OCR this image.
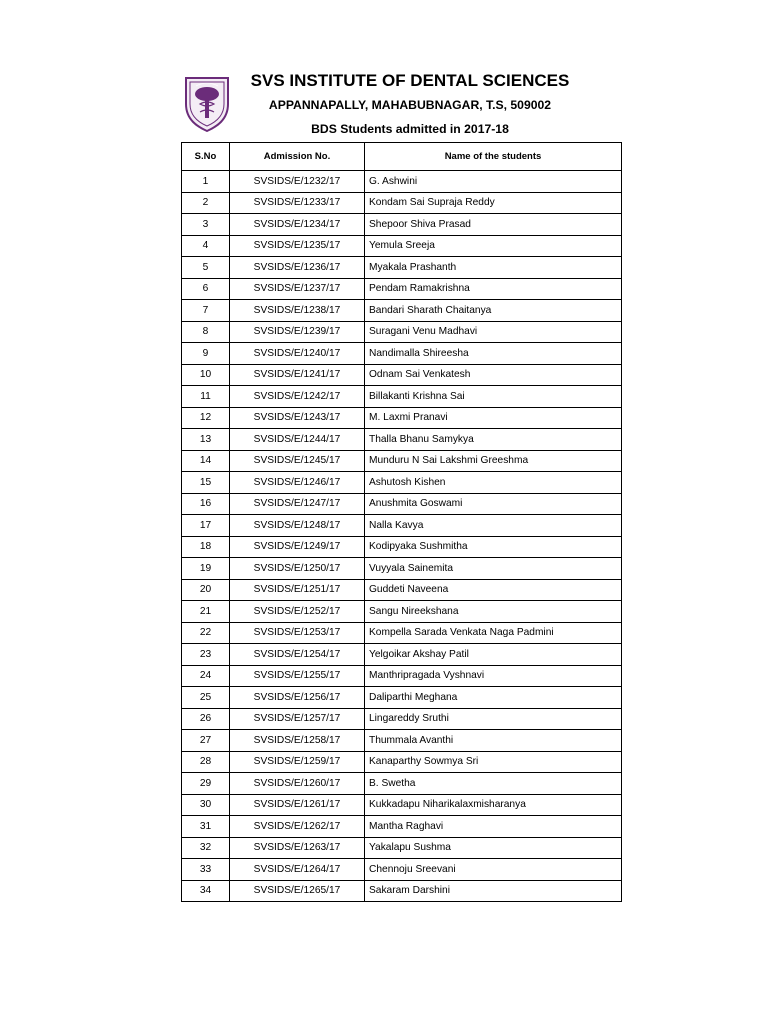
SVS INSTITUTE OF DENTAL SCIENCES
APPANNAPALLY, MAHABUBNAGAR, T.S, 509002
BDS Students admitted in 2017-18
S.No	Admission No.	Name of the students
1	SVSIDS/E/1232/17	G. Ashwini
2	SVSIDS/E/1233/17	Kondam Sai Supraja Reddy
3	SVSIDS/E/1234/17	Shepoor Shiva Prasad
4	SVSIDS/E/1235/17	Yemula Sreeja
5	SVSIDS/E/1236/17	Myakala Prashanth
6	SVSIDS/E/1237/17	Pendam Ramakrishna
7	SVSIDS/E/1238/17	Bandari Sharath Chaitanya
8	SVSIDS/E/1239/17	Suragani Venu Madhavi
9	SVSIDS/E/1240/17	Nandimalla Shireesha
10	SVSIDS/E/1241/17	Odnam Sai Venkatesh
11	SVSIDS/E/1242/17	Billakanti Krishna Sai
12	SVSIDS/E/1243/17	M. Laxmi Pranavi
13	SVSIDS/E/1244/17	Thalla Bhanu Samykya
14	SVSIDS/E/1245/17	Munduru N Sai Lakshmi Greeshma
15	SVSIDS/E/1246/17	Ashutosh Kishen
16	SVSIDS/E/1247/17	Anushmita Goswami
17	SVSIDS/E/1248/17	Nalla Kavya
18	SVSIDS/E/1249/17	Kodipyaka Sushmitha
19	SVSIDS/E/1250/17	Vuyyala Sainemita
20	SVSIDS/E/1251/17	Guddeti Naveena
21	SVSIDS/E/1252/17	Sangu Nireekshana
22	SVSIDS/E/1253/17	Kompella Sarada Venkata Naga Padmini
23	SVSIDS/E/1254/17	Yelgoikar Akshay Patil
24	SVSIDS/E/1255/17	Manthripragada Vyshnavi
25	SVSIDS/E/1256/17	Daliparthi Meghana
26	SVSIDS/E/1257/17	Lingareddy Sruthi
27	SVSIDS/E/1258/17	Thummala Avanthi
28	SVSIDS/E/1259/17	Kanaparthy Sowmya Sri
29	SVSIDS/E/1260/17	B. Swetha
30	SVSIDS/E/1261/17	Kukkadapu Niharikalaxmisharanya
31	SVSIDS/E/1262/17	Mantha Raghavi
32	SVSIDS/E/1263/17	Yakalapu Sushma
33	SVSIDS/E/1264/17	Chennoju Sreevani
34	SVSIDS/E/1265/17	Sakaram Darshini
